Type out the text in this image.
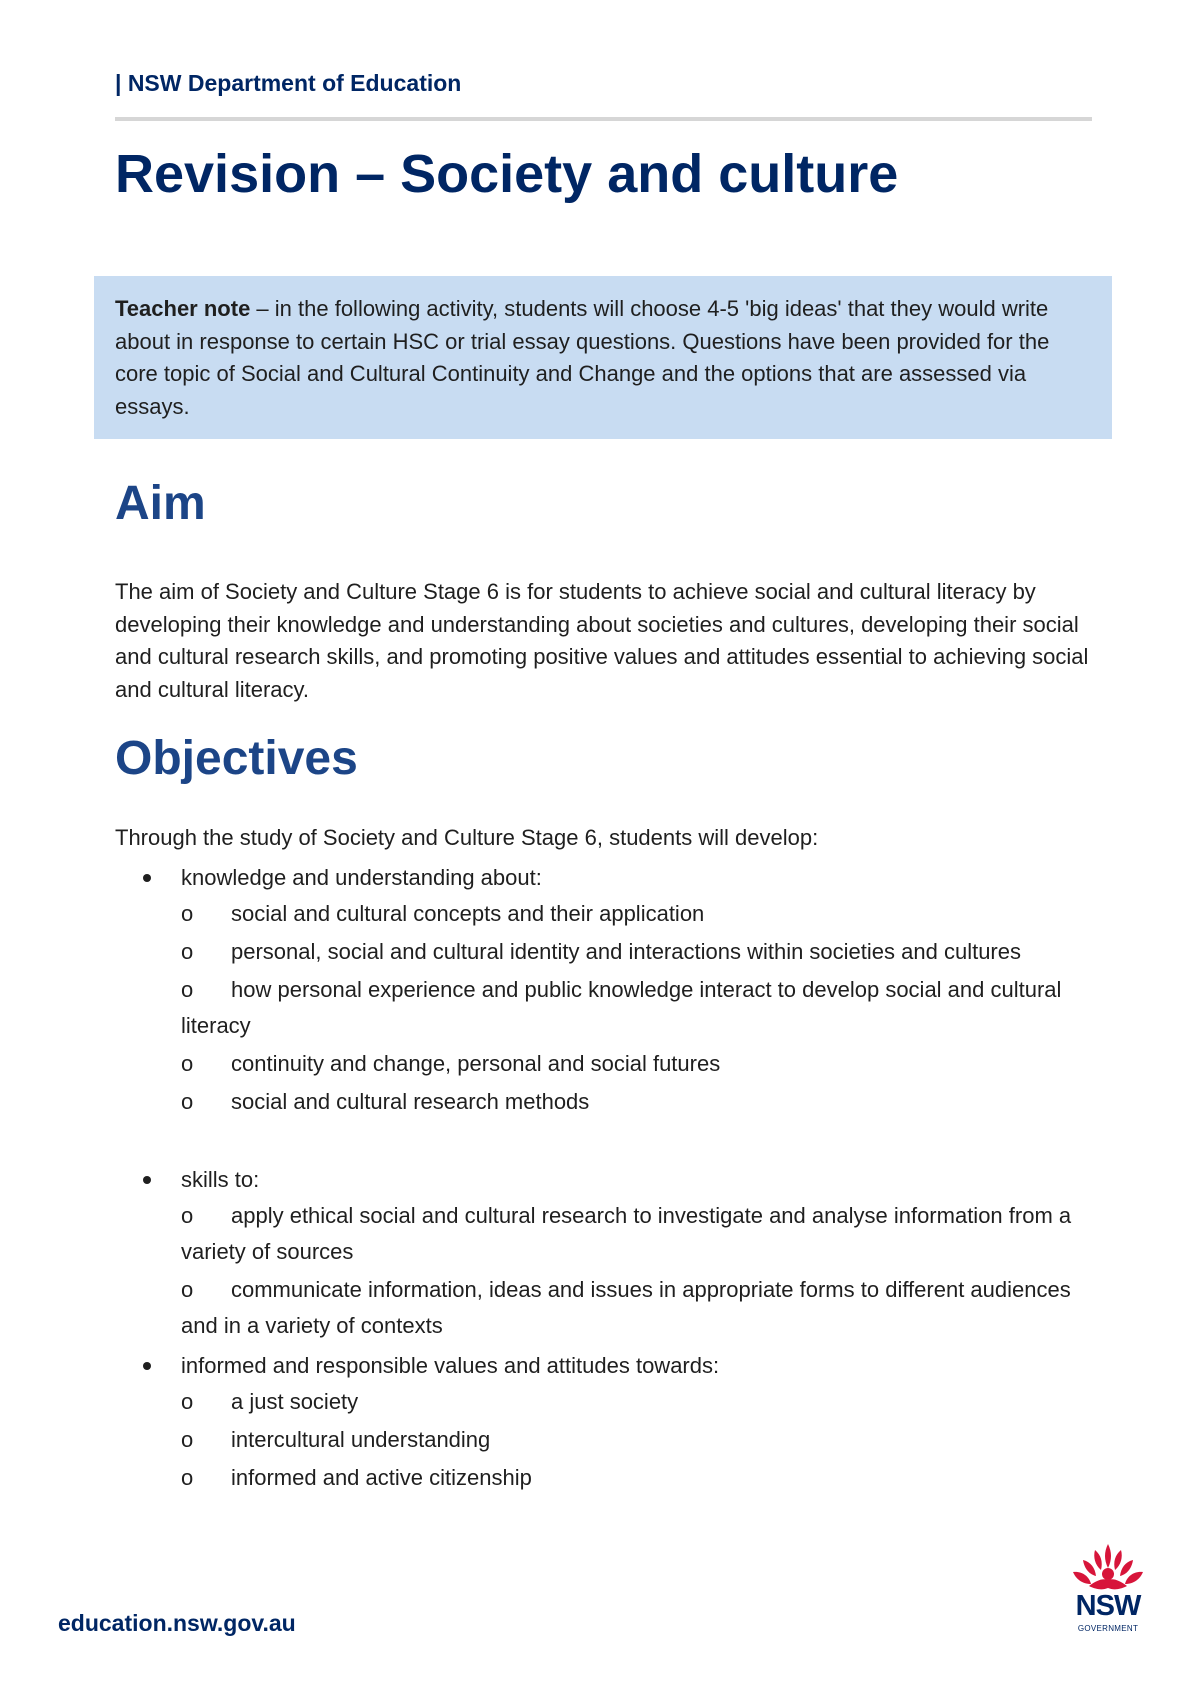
| NSW Department of Education
Revision – Society and culture
Teacher note – in the following activity, students will choose 4-5 'big ideas' that they would write about in response to certain HSC or trial essay questions. Questions have been provided for the core topic of Social and Cultural Continuity and Change and the options that are assessed via essays.
Aim

The aim of Society and Culture Stage 6 is for students to achieve social and cultural literacy by developing their knowledge and understanding about societies and cultures, developing their social and cultural research skills, and promoting positive values and attitudes essential to achieving social and cultural literacy.

Objectives

Through the study of Society and Culture Stage 6, students will develop:

knowledge and understanding about:
o social and cultural concepts and their application
o personal, social and cultural identity and interactions within societies and cultures
o how personal experience and public knowledge interact to develop social and cultural literacy
o continuity and change, personal and social futures
o social and cultural research methods
skills to:
o apply ethical social and cultural research to investigate and analyse information from a variety of sources
o communicate information, ideas and issues in appropriate forms to different audiences and in a variety of contexts
informed and responsible values and attitudes towards:
o a just society
o intercultural understanding
o informed and active citizenship
education.nsw.gov.au
NSW
GOVERNMENT
